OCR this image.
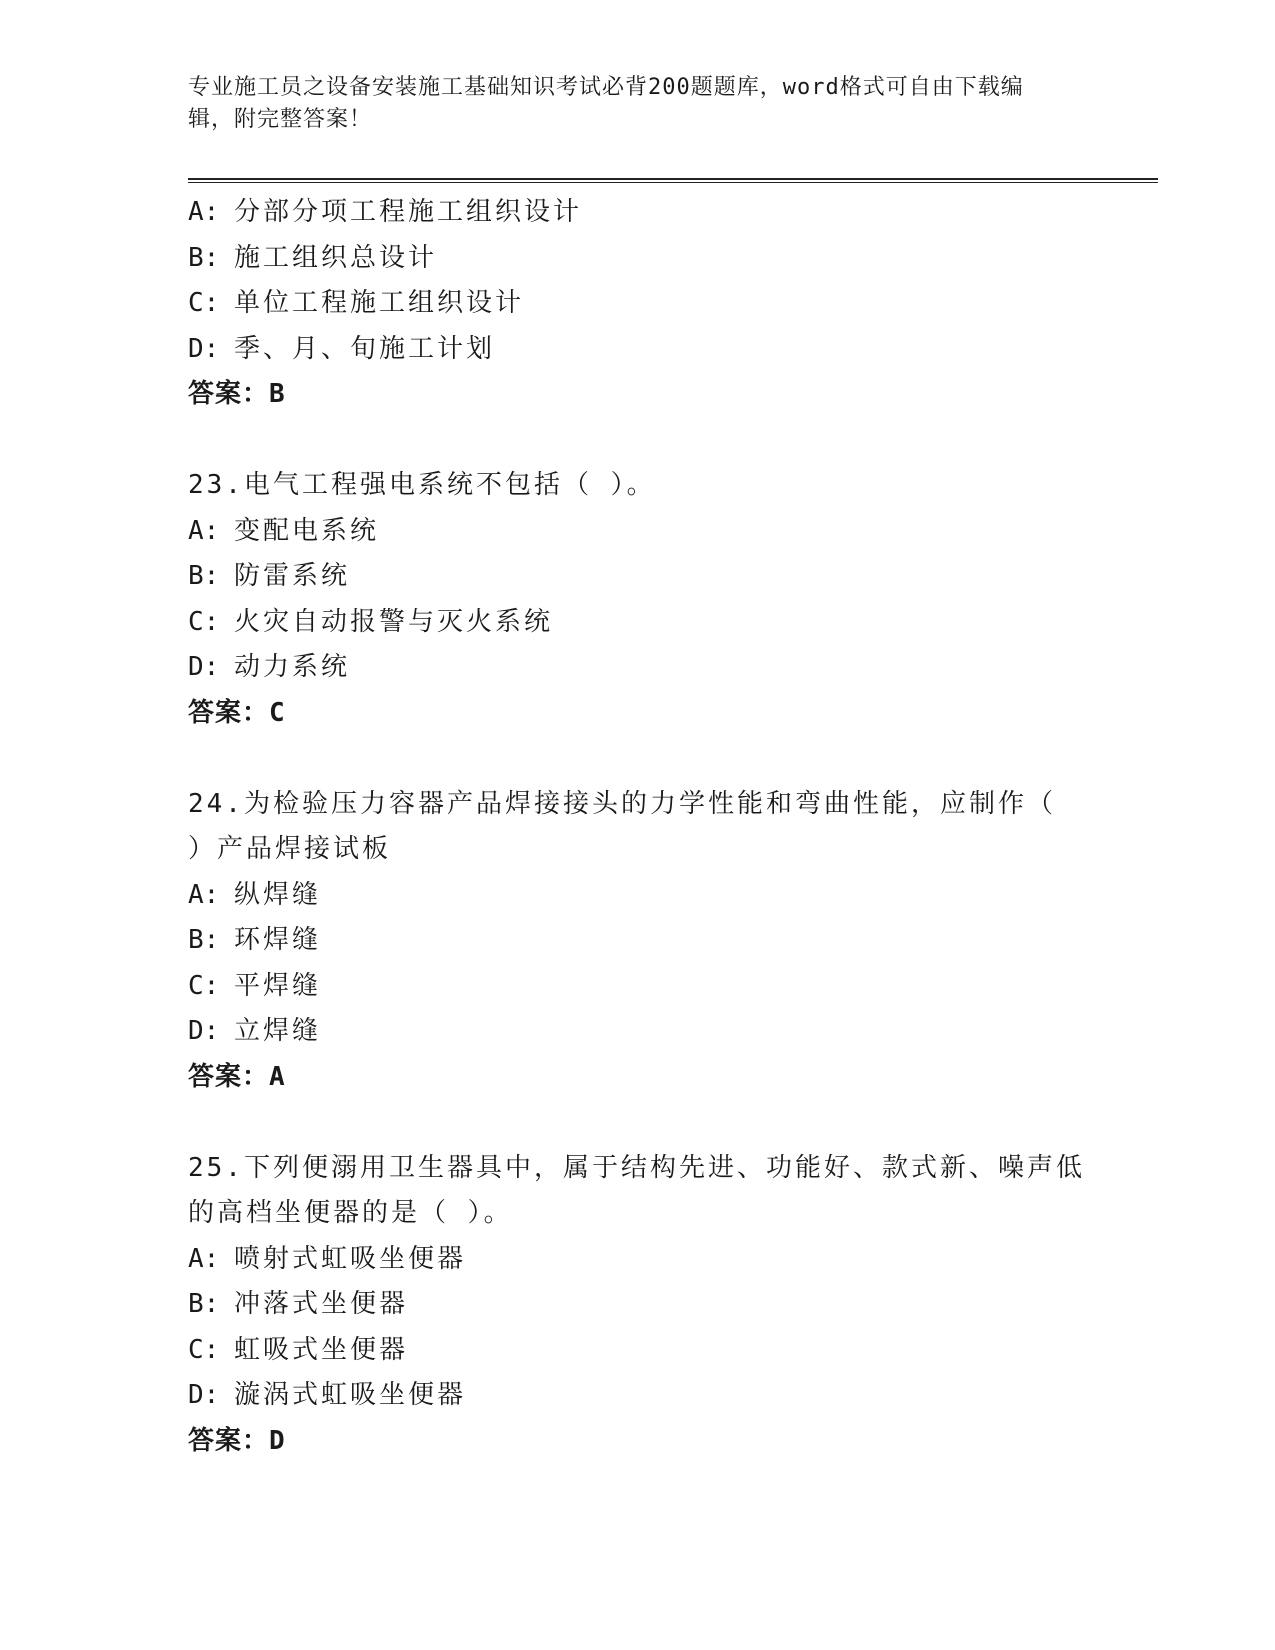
专业施工员之设备安装施工基础知识考试必背200题题库，word格式可自由下载编辑，附完整答案！
A: 分部分项工程施工组织设计
B: 施工组织总设计
C: 单位工程施工组织设计
D: 季、月、旬施工计划
答案：B
23.电气工程强电系统不包括（ ）。
A: 变配电系统
B: 防雷系统
C: 火灾自动报警与灭火系统
D: 动力系统
答案：C
24.为检验压力容器产品焊接接头的力学性能和弯曲性能，应制作（
）产品焊接试板
A: 纵焊缝
B: 环焊缝
C: 平焊缝
D: 立焊缝
答案：A
25.下列便溺用卫生器具中，属于结构先进、功能好、款式新、噪声低
的高档坐便器的是（ ）。
A: 喷射式虹吸坐便器
B: 冲落式坐便器
C: 虹吸式坐便器
D: 漩涡式虹吸坐便器
答案：D
